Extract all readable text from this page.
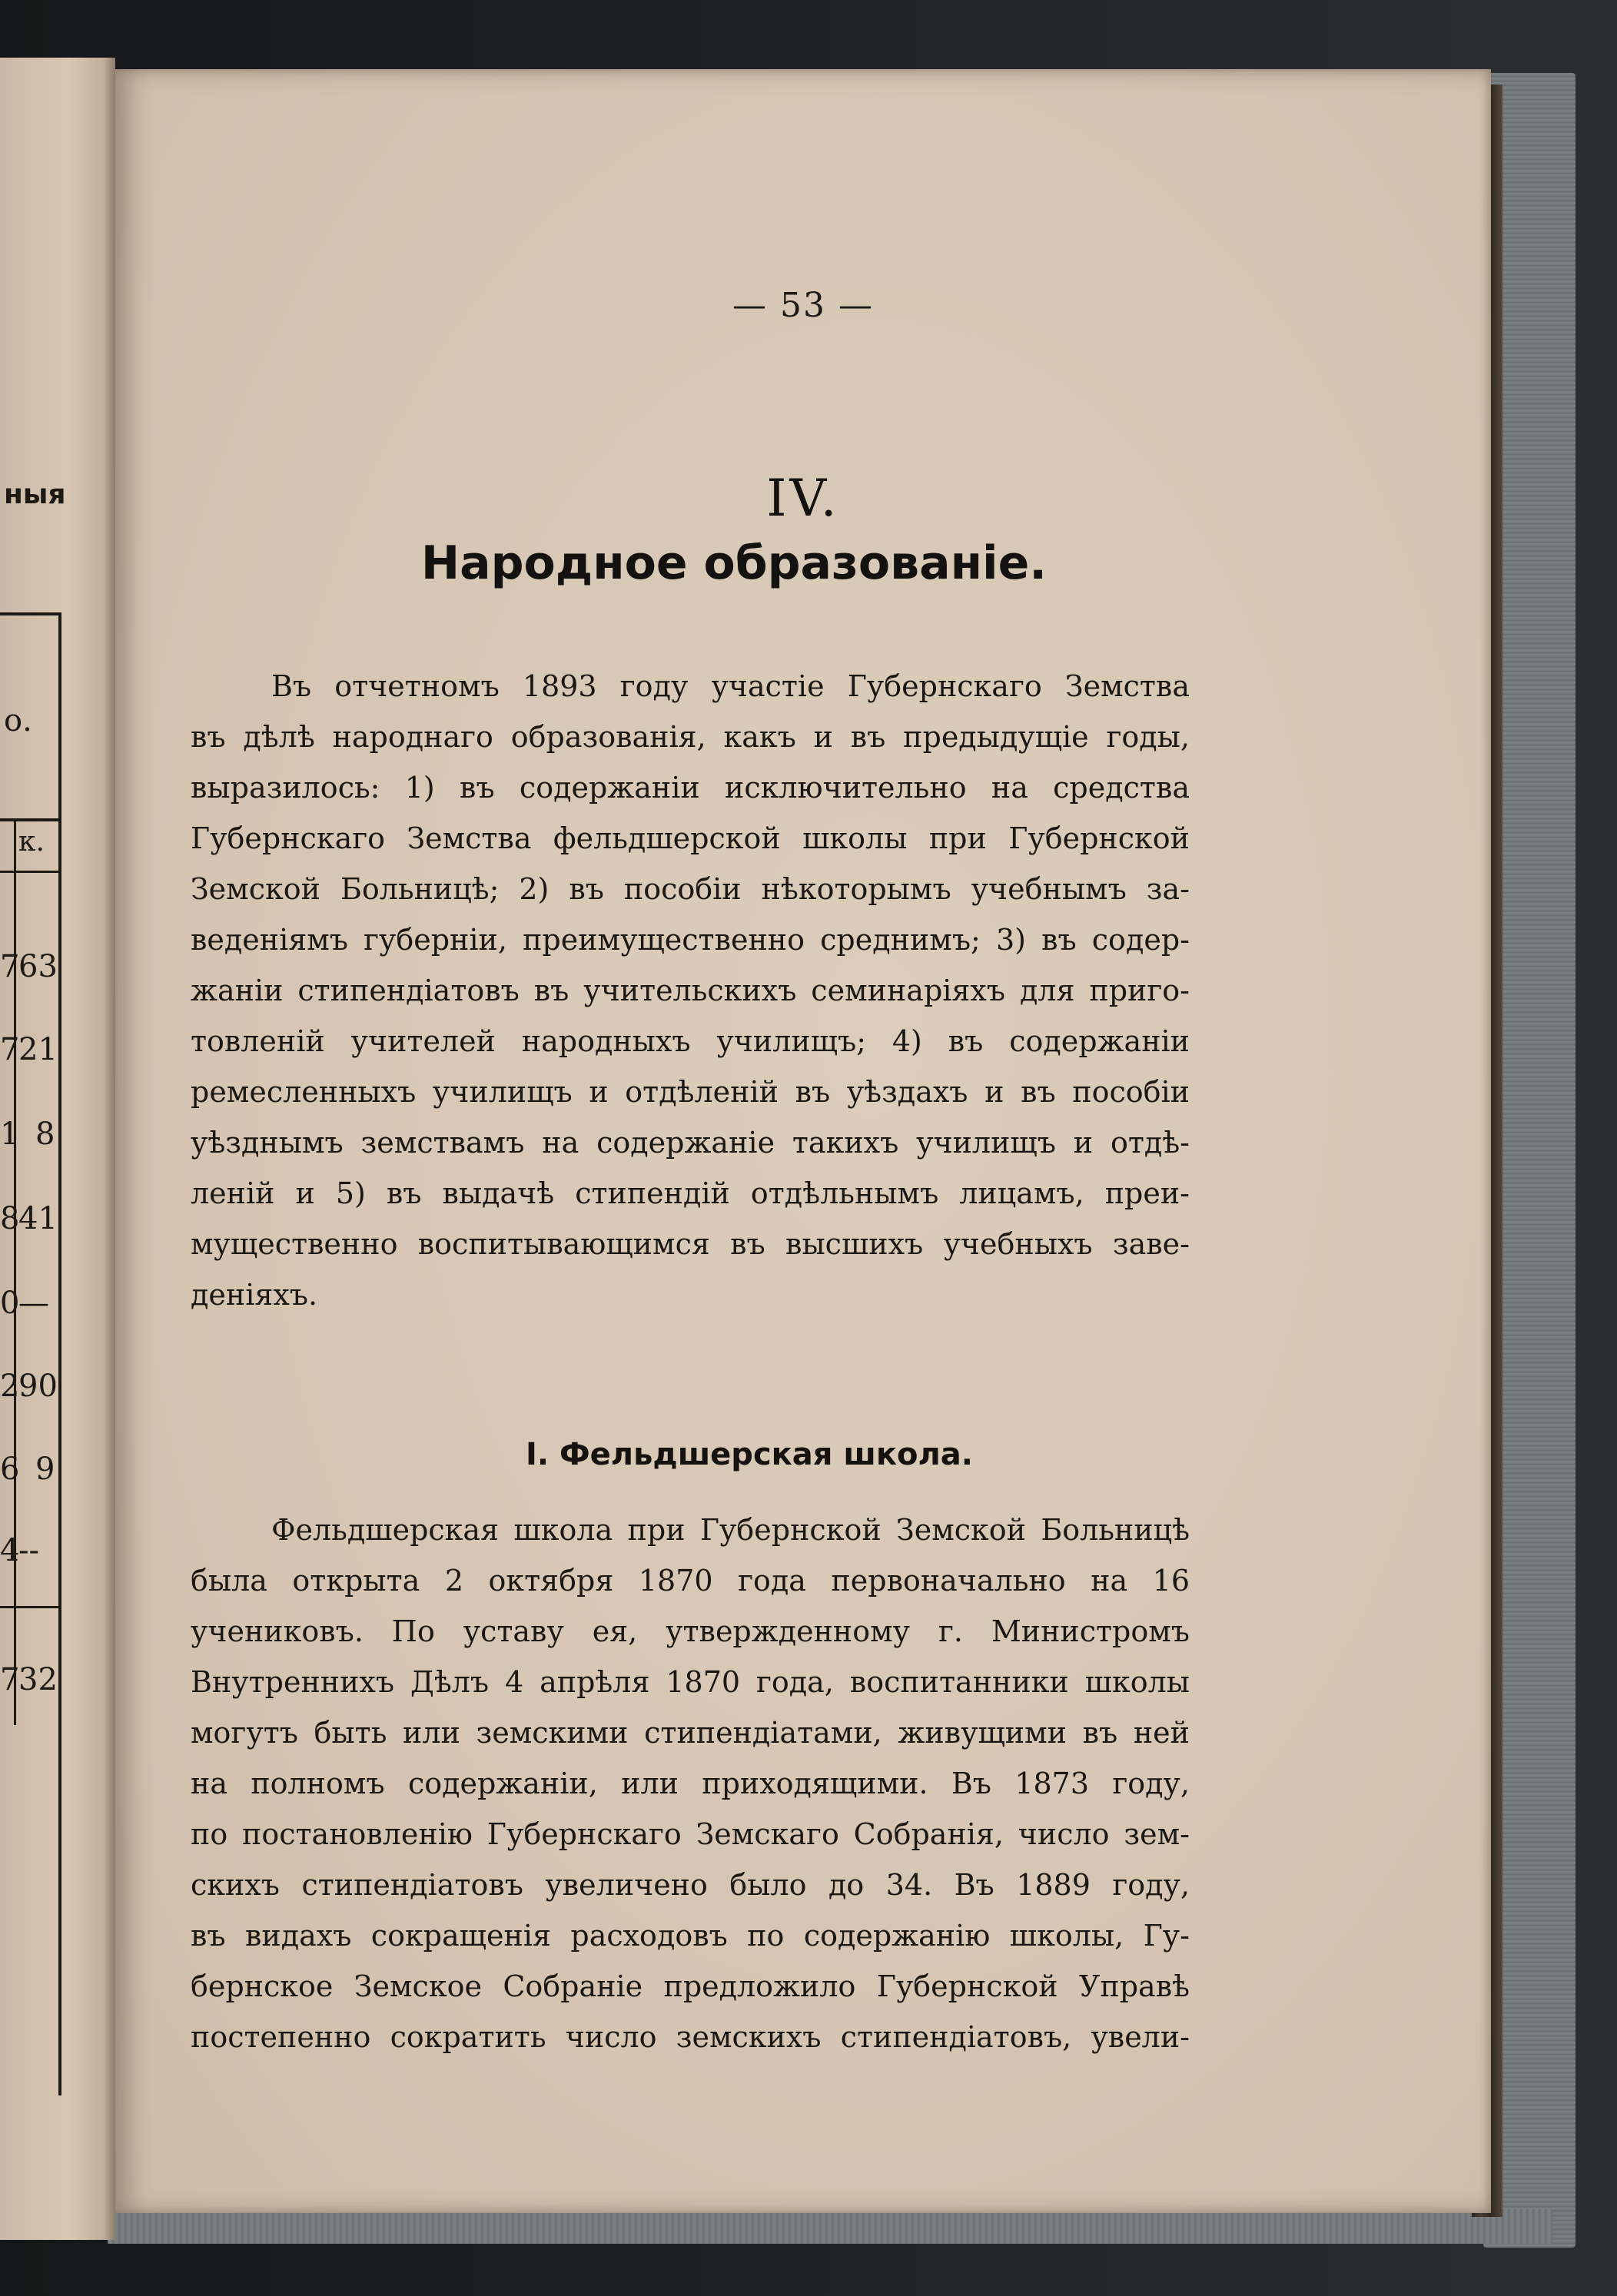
ныя
о.
к.
7
63
7
21
1 8
8
41
0
—
2
90
6 9
4
--
7
32
— 53 —
IV.
Народное образованіе.
Въ отчетномъ 1893 году участіе Губернскаго Земства
въ дѣлѣ народнаго образованія, какъ и въ предыдущіе годы,
выразилось: 1) въ содержаніи исключительно на средства
Губернскаго Земства фельдшерской школы при Губернской
Земской Больницѣ; 2) въ пособіи нѣкоторымъ учебнымъ за-
веденіямъ губерніи, преимущественно среднимъ; 3) въ содер-
жаніи стипендіатовъ въ учительскихъ семинаріяхъ для приго-
товленій учителей народныхъ училищъ; 4) въ содержаніи
ремесленныхъ училищъ и отдѣленій въ уѣздахъ и въ пособіи
уѣзднымъ земствамъ на содержаніе такихъ училищъ и отдѣ-
леній и 5) въ выдачѣ стипендій отдѣльнымъ лицамъ, преи-
мущественно воспитывающимся въ высшихъ учебныхъ заве-
деніяхъ.
I. Фельдшерская школа.
Фельдшерская школа при Губернской Земской Больницѣ
была открыта 2 октября 1870 года первоначально на 16
учениковъ. По уставу ея, утвержденному г. Министромъ
Внутреннихъ Дѣлъ 4 апрѣля 1870 года, воспитанники школы
могутъ быть или земскими стипендіатами, живущими въ ней
на полномъ содержаніи, или приходящими. Въ 1873 году,
по постановленію Губернскаго Земскаго Собранія, число зем-
скихъ стипендіатовъ увеличено было до 34. Въ 1889 году,
въ видахъ сокращенія расходовъ по содержанію школы, Гу-
бернское Земское Собраніе предложило Губернской Управѣ
постепенно сократить число земскихъ стипендіатовъ, увели-
